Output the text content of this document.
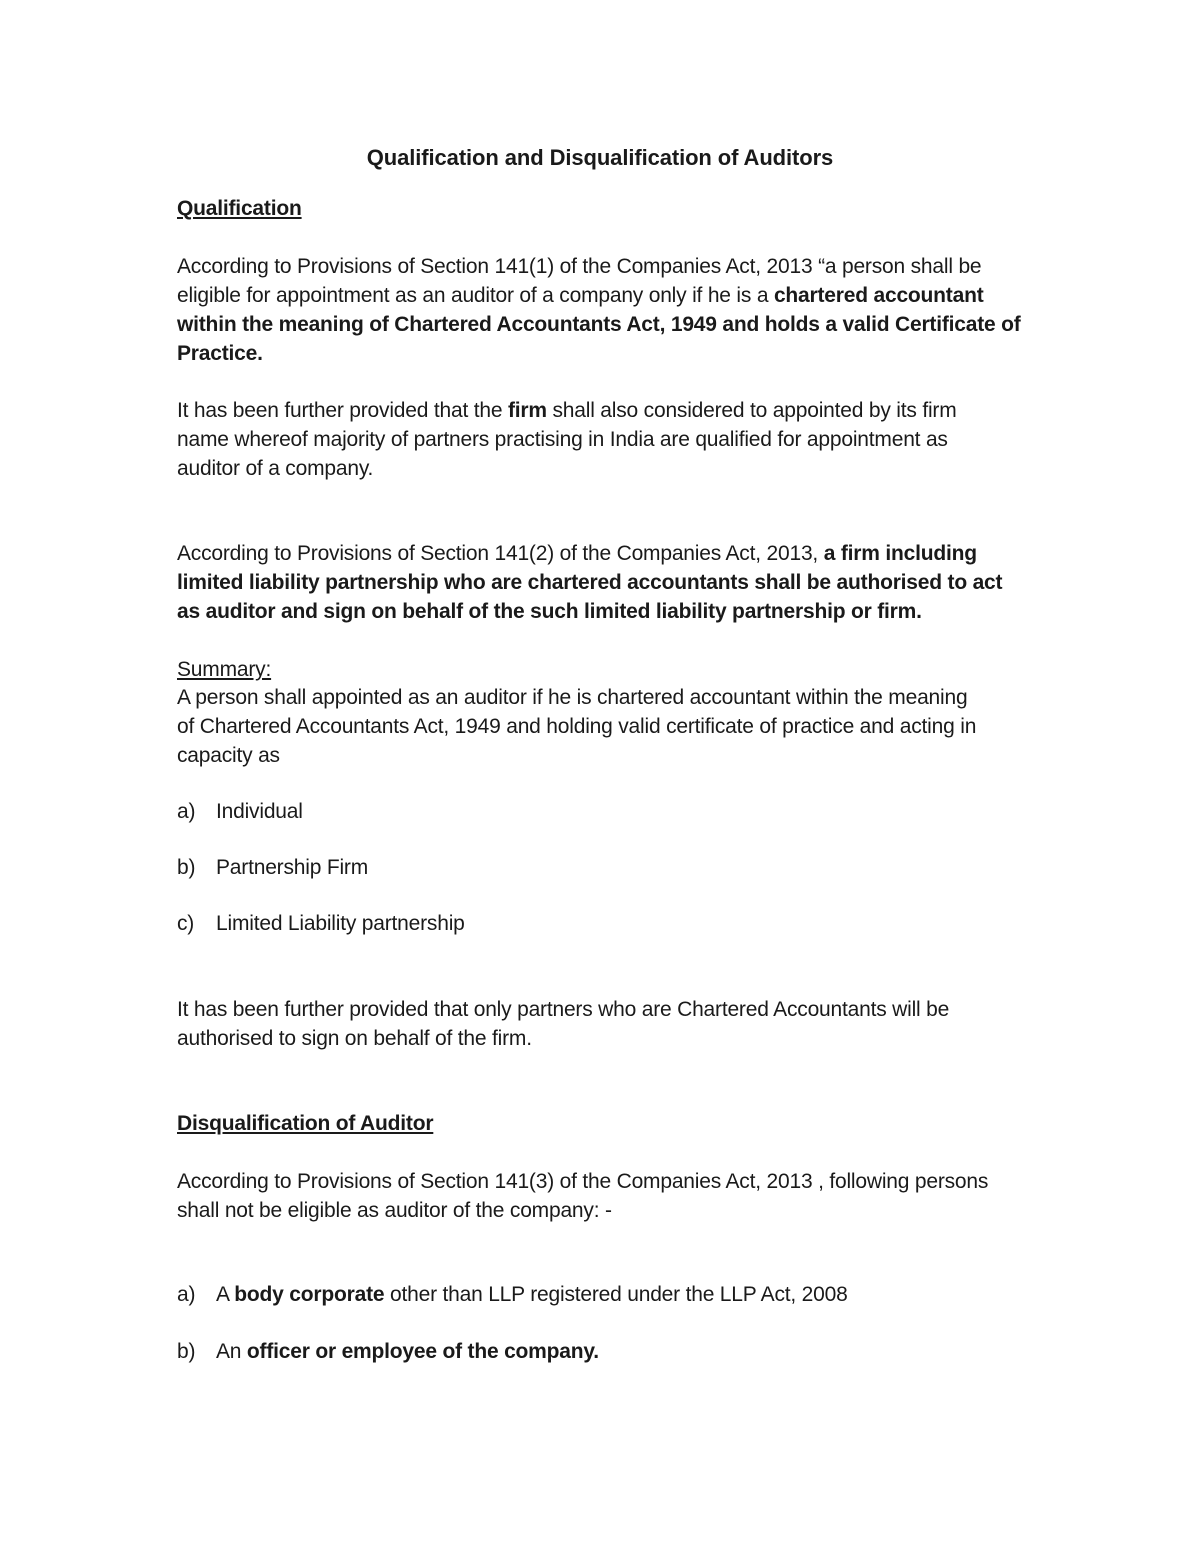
Qualification and Disqualification of Auditors

Qualification

According to Provisions of Section 141(1) of the Companies Act, 2013 “a person shall be

eligible for appointment as an auditor of a company only if he is a chartered accountant

within the meaning of Chartered Accountants Act, 1949 and holds a valid Certificate of

Practice.

It has been further provided that the firm shall also considered to appointed by its firm

name whereof majority of partners practising in India are qualified for appointment as

auditor of a company.

According to Provisions of Section 141(2) of the Companies Act, 2013, a firm including

limited liability partnership who are chartered accountants shall be authorised to act

as auditor and sign on behalf of the such limited liability partnership or firm.

Summary:

A person shall appointed as an auditor if he is chartered accountant within the meaning

of Chartered Accountants Act, 1949 and holding valid certificate of practice and acting in

capacity as

a) Individual

b) Partnership Firm

c) Limited Liability partnership

It has been further provided that only partners who are Chartered Accountants will be

authorised to sign on behalf of the firm.

Disqualification of Auditor

According to Provisions of Section 141(3) of the Companies Act, 2013 , following persons

shall not be eligible as auditor of the company: -

a) A body corporate other than LLP registered under the LLP Act, 2008

b) An officer or employee of the company.
